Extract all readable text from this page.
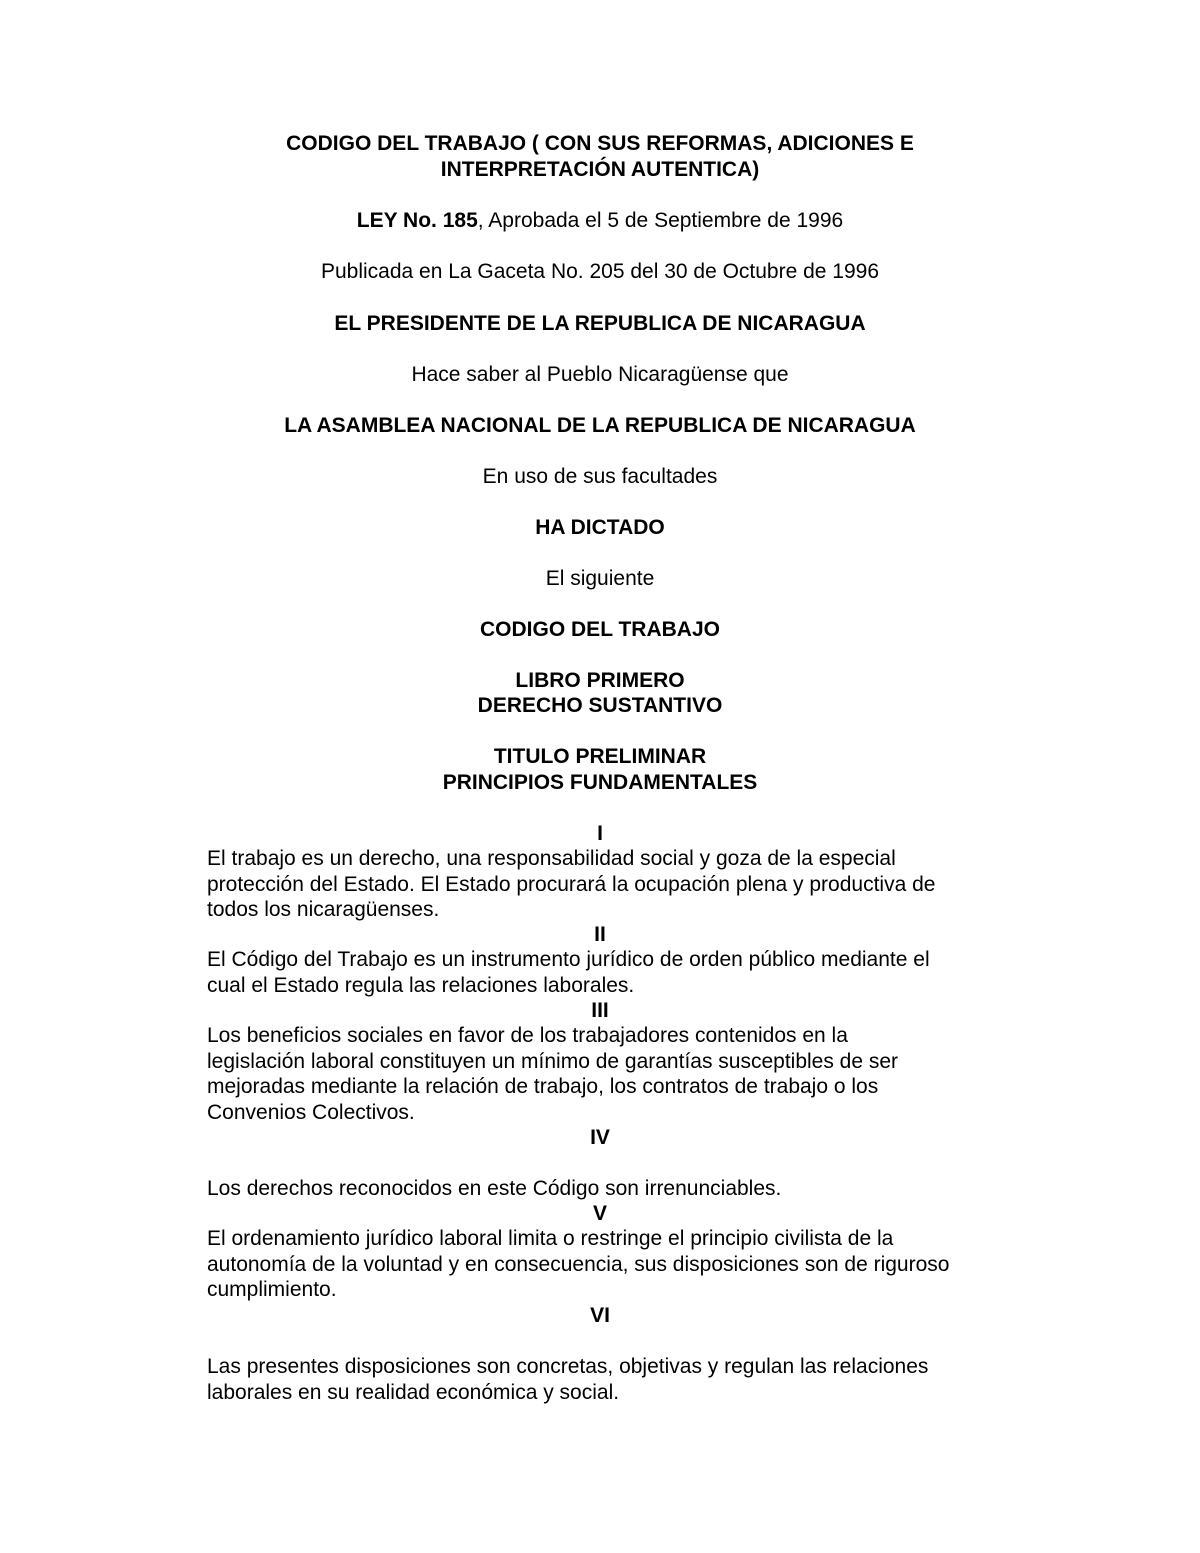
CODIGO DEL TRABAJO ( CON SUS REFORMAS, ADICIONES E
INTERPRETACIÓN AUTENTICA)
LEY No. 185, Aprobada el 5 de Septiembre de 1996
Publicada en La Gaceta No. 205 del 30 de Octubre de 1996
EL PRESIDENTE DE LA REPUBLICA DE NICARAGUA
Hace saber al Pueblo Nicaragüense que
LA ASAMBLEA NACIONAL DE LA REPUBLICA DE NICARAGUA
En uso de sus facultades
HA DICTADO
El siguiente
CODIGO DEL TRABAJO
LIBRO PRIMERO
DERECHO SUSTANTIVO
TITULO PRELIMINAR
PRINCIPIOS FUNDAMENTALES
I
El trabajo es un derecho, una responsabilidad social y goza de la especial
protección del Estado. El Estado procurará la ocupación plena y productiva de
todos los nicaragüenses.
II
El Código del Trabajo es un instrumento jurídico de orden público mediante el
cual el Estado regula las relaciones laborales.
III
Los beneficios sociales en favor de los trabajadores contenidos en la
legislación laboral constituyen un mínimo de garantías susceptibles de ser
mejoradas mediante la relación de trabajo, los contratos de trabajo o los
Convenios Colectivos.
IV
Los derechos reconocidos en este Código son irrenunciables.
V
El ordenamiento jurídico laboral limita o restringe el principio civilista de la
autonomía de la voluntad y en consecuencia, sus disposiciones son de riguroso
cumplimiento.
VI
Las presentes disposiciones son concretas, objetivas y regulan las relaciones
laborales en su realidad económica y social.
